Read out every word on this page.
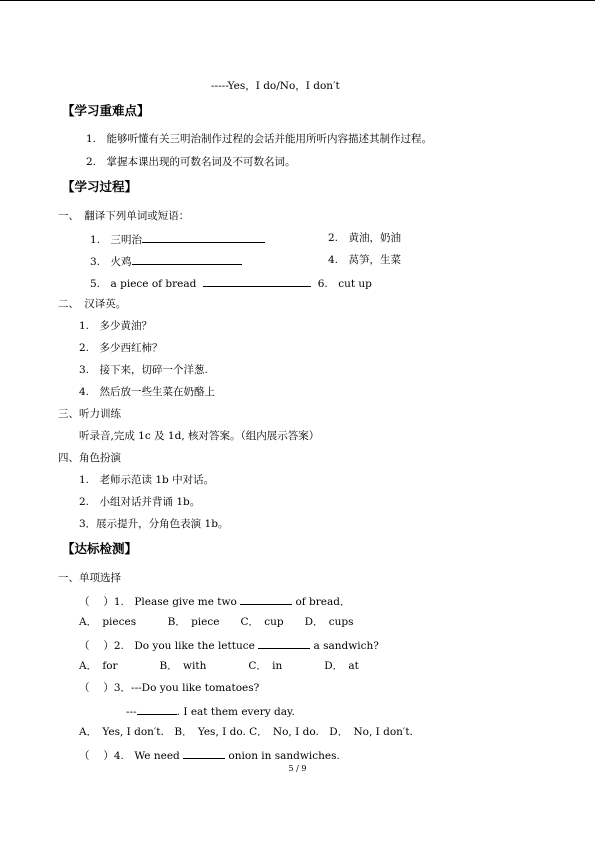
-----Yes，I do/No，I don′t
【学习重难点】
1.　能够听懂有关三明治制作过程的会话并能用所听内容描述其制作过程。
2.　掌握本课出现的可数名词及不可数名词。
【学习过程】
一、　翻译下列单词或短语：
1.　三明治	2.　黄油，奶油
3.　火鸡	4.　莴笋，生菜
5.　a piece of bread	6.　cut up
二、　汉译英。
1.　多少黄油？
2.　多少西红柿？
3.　接下来，切碎一个洋葱.
4.　然后放一些生菜在奶酪上
三、听力训练
听录音,完成 1c 及 1d, 核对答案。（组内展示答案）
四、角色扮演
1.　老师示范读 1b 中对话。
2.　小组对话并背诵 1b。
3．展示提升，分角色表演 1b。
【达标检测】
一、单项选择
（　 ）1.　Please give me two	of bread．
A．　pieces　　　B．　piece　　C．　cup　　D．　cups
（　 ）2.　Do you like the lettuce	a sandwich?
A．　for　　　　B．　with　　　　C．　in　　　　D．　at
（　 ）3．---Do you like tomatoes?
---	. I eat them every day.
A．　Yes, I don′t.　B．　Yes, I do. C．　No, I do.　D．　No, I don′t.
（　 ）4.　We need	onion in sandwiches.
5 / 9
